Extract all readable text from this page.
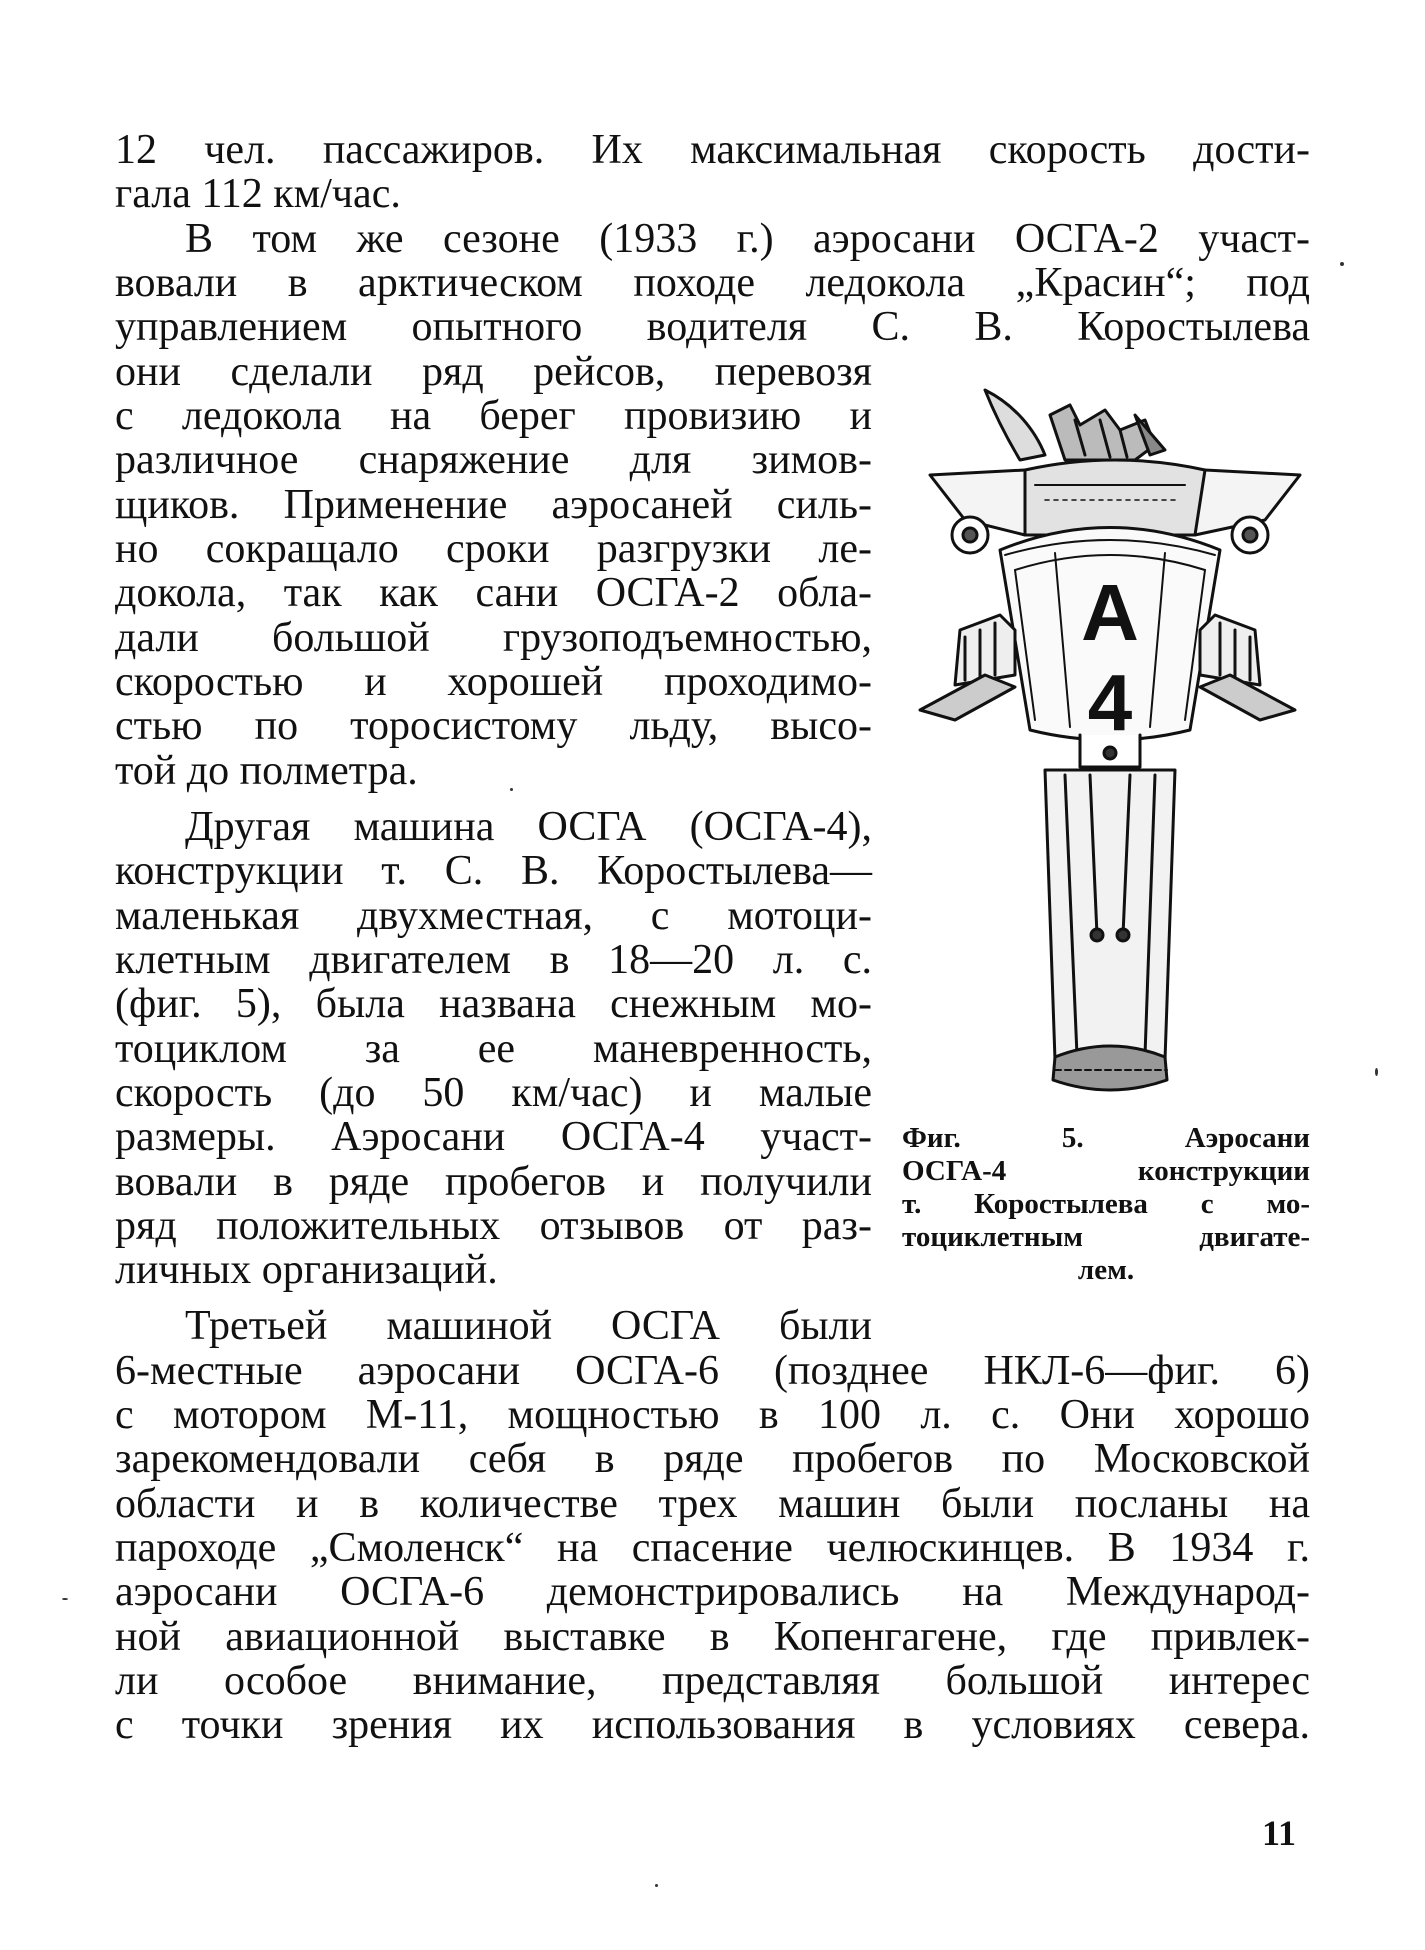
12 чел. пассажиров. Их максимальная скорость дости-
гала 112 км/час.
В том же сезоне (1933 г.) аэросани ОСГА-2 участ-
вовали в арктическом походе ледокола „Красин“; под
управлением опытного водителя С. В. Коростылева
они сделали ряд рейсов, перевозя
с ледокола на берег провизию и
различное снаряжение для зимов-
щиков. Применение аэросаней силь-
но сокращало сроки разгрузки ле-
докола, так как сани ОСГА-2 обла-
дали большой грузоподъемностью,
скоростью и хорошей проходимо-
стью по торосистому льду, высо-
той до полметра.
Другая машина ОСГА (ОСГА-4),
конструкции т. С. В. Коростылева—
маленькая двухместная, с мотоци-
клетным двигателем в 18—20 л. с.
(фиг. 5), была названа снежным мо-
тоциклом за ее маневренность,
скорость (до 50 км/час) и малые
размеры. Аэросани ОСГА-4 участ-
вовали в ряде пробегов и получили
ряд положительных отзывов от раз-
личных организаций.
Третьей машиной ОСГА были
6-местные аэросани ОСГА-6 (позднее НКЛ-6—фиг. 6)
с мотором М-11, мощностью в 100 л. с. Они хорошо
зарекомендовали себя в ряде пробегов по Московской
области и в количестве трех машин были посланы на
пароходе „Смоленск“ на спасение челюскинцев. В 1934 г.
аэросани ОСГА-6 демонстрировались на Международ-
ной авиационной выставке в Копенгагене, где привлек-
ли особое внимание, представляя большой интерес
с точки зрения их использования в условиях севера.
А
4
Фиг. 5. Аэросани
ОСГА-4 конструкции
т. Коростылева с мо-
тоциклетным двигате-
лем.
11
